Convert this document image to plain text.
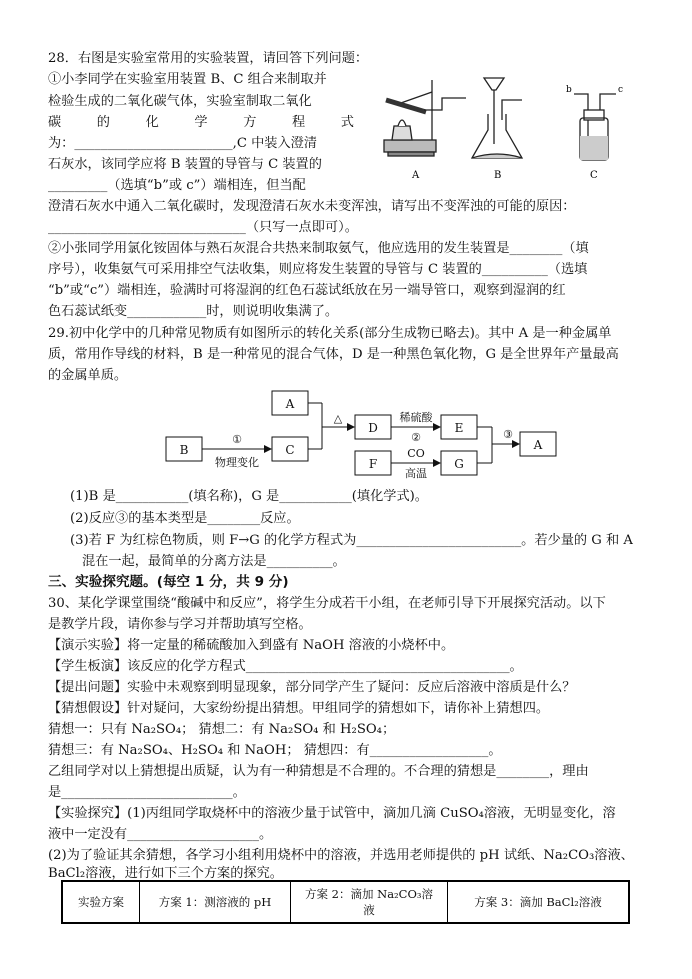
28．右图是实验室常用的实验装置，请回答下列问题：
①小李同学在实验室用装置 B、C 组合来制取并
检验生成的二氧化碳气体，实验室制取二氧化
碳	的	化	学	方	程	式
为：________________________,C 中装入澄清
石灰水，该同学应将 B 装置的导管与 C 装置的
_________（选填“b”或 c”）端相连，但当配
澄清石灰水中通入二氧化碳时，发现澄清石灰水未变浑浊，请写出不变浑浊的可能的原因：
______________________________（只写一点即可）。
②小张同学用氯化铵固体与熟石灰混合共热来制取氨气，他应选用的发生装置是________（填
序号），收集氨气可采用排空气法收集，则应将发生装置的导管与 C 装置的__________（选填
“b”或“c”）端相连，验满时可将湿润的红色石蕊试纸放在另一端导管口，观察到湿润的红
色石蕊试纸变____________时，则说明收集满了。
A	B
b	c
C
29.初中化学中的几种常见物质有如图所示的转化关系(部分生成物已略去)。其中 A 是一种金属单
质，常用作导线的材料，B 是一种常见的混合气体，D 是一种黑色氧化物，G 是全世界年产量最高
的金属单质。
A
B	C
D	E
F	G
A
△
①
物理变化
稀硫酸
②
CO
高温
③
(1)B 是___________(填名称)，G 是___________(填化学式)。
(2)反应③的基本类型是________反应。
(3)若 F 为红棕色物质，则 F→G 的化学方程式为_________________________。若少量的 G 和 A
混在一起，最简单的分离方法是__________。
三、实验探究题。(每空 1 分，共 9 分)
30、某化学课堂围绕“酸碱中和反应”，将学生分成若干小组，在老师引导下开展探究活动。以下
是教学片段，请你参与学习并帮助填写空格。
【演示实验】将一定量的稀硫酸加入到盛有 NaOH 溶液的小烧杯中。
【学生板演】该反应的化学方程式________________________________________。
【提出问题】实验中未观察到明显现象，部分同学产生了疑问：反应后溶液中溶质是什么？
【猜想假设】针对疑问，大家纷纷提出猜想。甲组同学的猜想如下，请你补上猜想四。
猜想一：只有 Na₂SO₄； 猜想二：有 Na₂SO₄ 和 H₂SO₄；
猜想三：有 Na₂SO₄、H₂SO₄ 和 NaOH； 猜想四：有__________________。
乙组同学对以上猜想提出质疑，认为有一种猜想是不合理的。不合理的猜想是________，理由
是__________________________。
【实验探究】(1)丙组同学取烧杯中的溶液少量于试管中，滴加几滴 CuSO₄溶液，无明显变化，溶
液中一定没有____________________。
(2)为了验证其余猜想，各学习小组利用烧杯中的溶液，并选用老师提供的 pH 试纸、Na₂CO₃溶液、
BaCl₂溶液，进行如下三个方案的探究。
实验方案	方案 1：测溶液的 pH	
方案 2：滴加 Na₂CO₃溶
液
	方案 3：滴加 BaCl₂溶液
